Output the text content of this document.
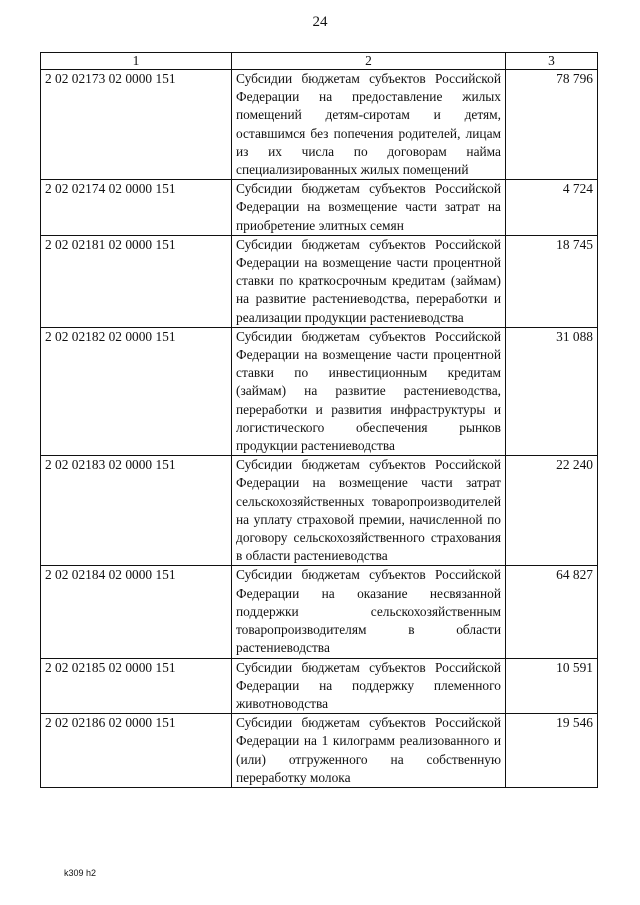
24
1	2	3
2 02 02173 02 0000 151	Субсидии бюджетам субъектов Российской Федерации на предоставление жилых помещений детям-сиротам и детям, оставшимся без попечения родителей, лицам из их числа по договорам найма специализированных жилых помещений	78 796
2 02 02174 02 0000 151	Субсидии бюджетам субъектов Российской Федерации на возмещение части затрат на приобретение элитных семян	4 724
2 02 02181 02 0000 151	Субсидии бюджетам субъектов Российской Федерации на возмещение части процентной ставки по краткосрочным кредитам (займам) на развитие растениеводства, переработки и реализации продукции растениеводства	18 745
2 02 02182 02 0000 151	Субсидии бюджетам субъектов Российской Федерации на возмещение части процентной ставки по инвестиционным кредитам (займам) на развитие растениеводства, переработки и развития инфраструктуры и логистического обеспечения рынков продукции растениеводства	31 088
2 02 02183 02 0000 151	Субсидии бюджетам субъектов Российской Федерации на возмещение части затрат сельскохозяйственных товаропроизводителей на уплату страховой премии, начисленной по договору сельскохозяйственного страхования в области растениеводства	22 240
2 02 02184 02 0000 151	Субсидии бюджетам субъектов Российской Федерации на оказание несвязанной поддержки сельскохозяйственным товаропроизводителям в области растениеводства	64 827
2 02 02185 02 0000 151	Субсидии бюджетам субъектов Российской Федерации на поддержку племенного животноводства	10 591
2 02 02186 02 0000 151	Субсидии бюджетам субъектов Российской Федерации на 1 килограмм реализованного и (или) отгруженного на собственную переработку молока	19 546
k309 h2
